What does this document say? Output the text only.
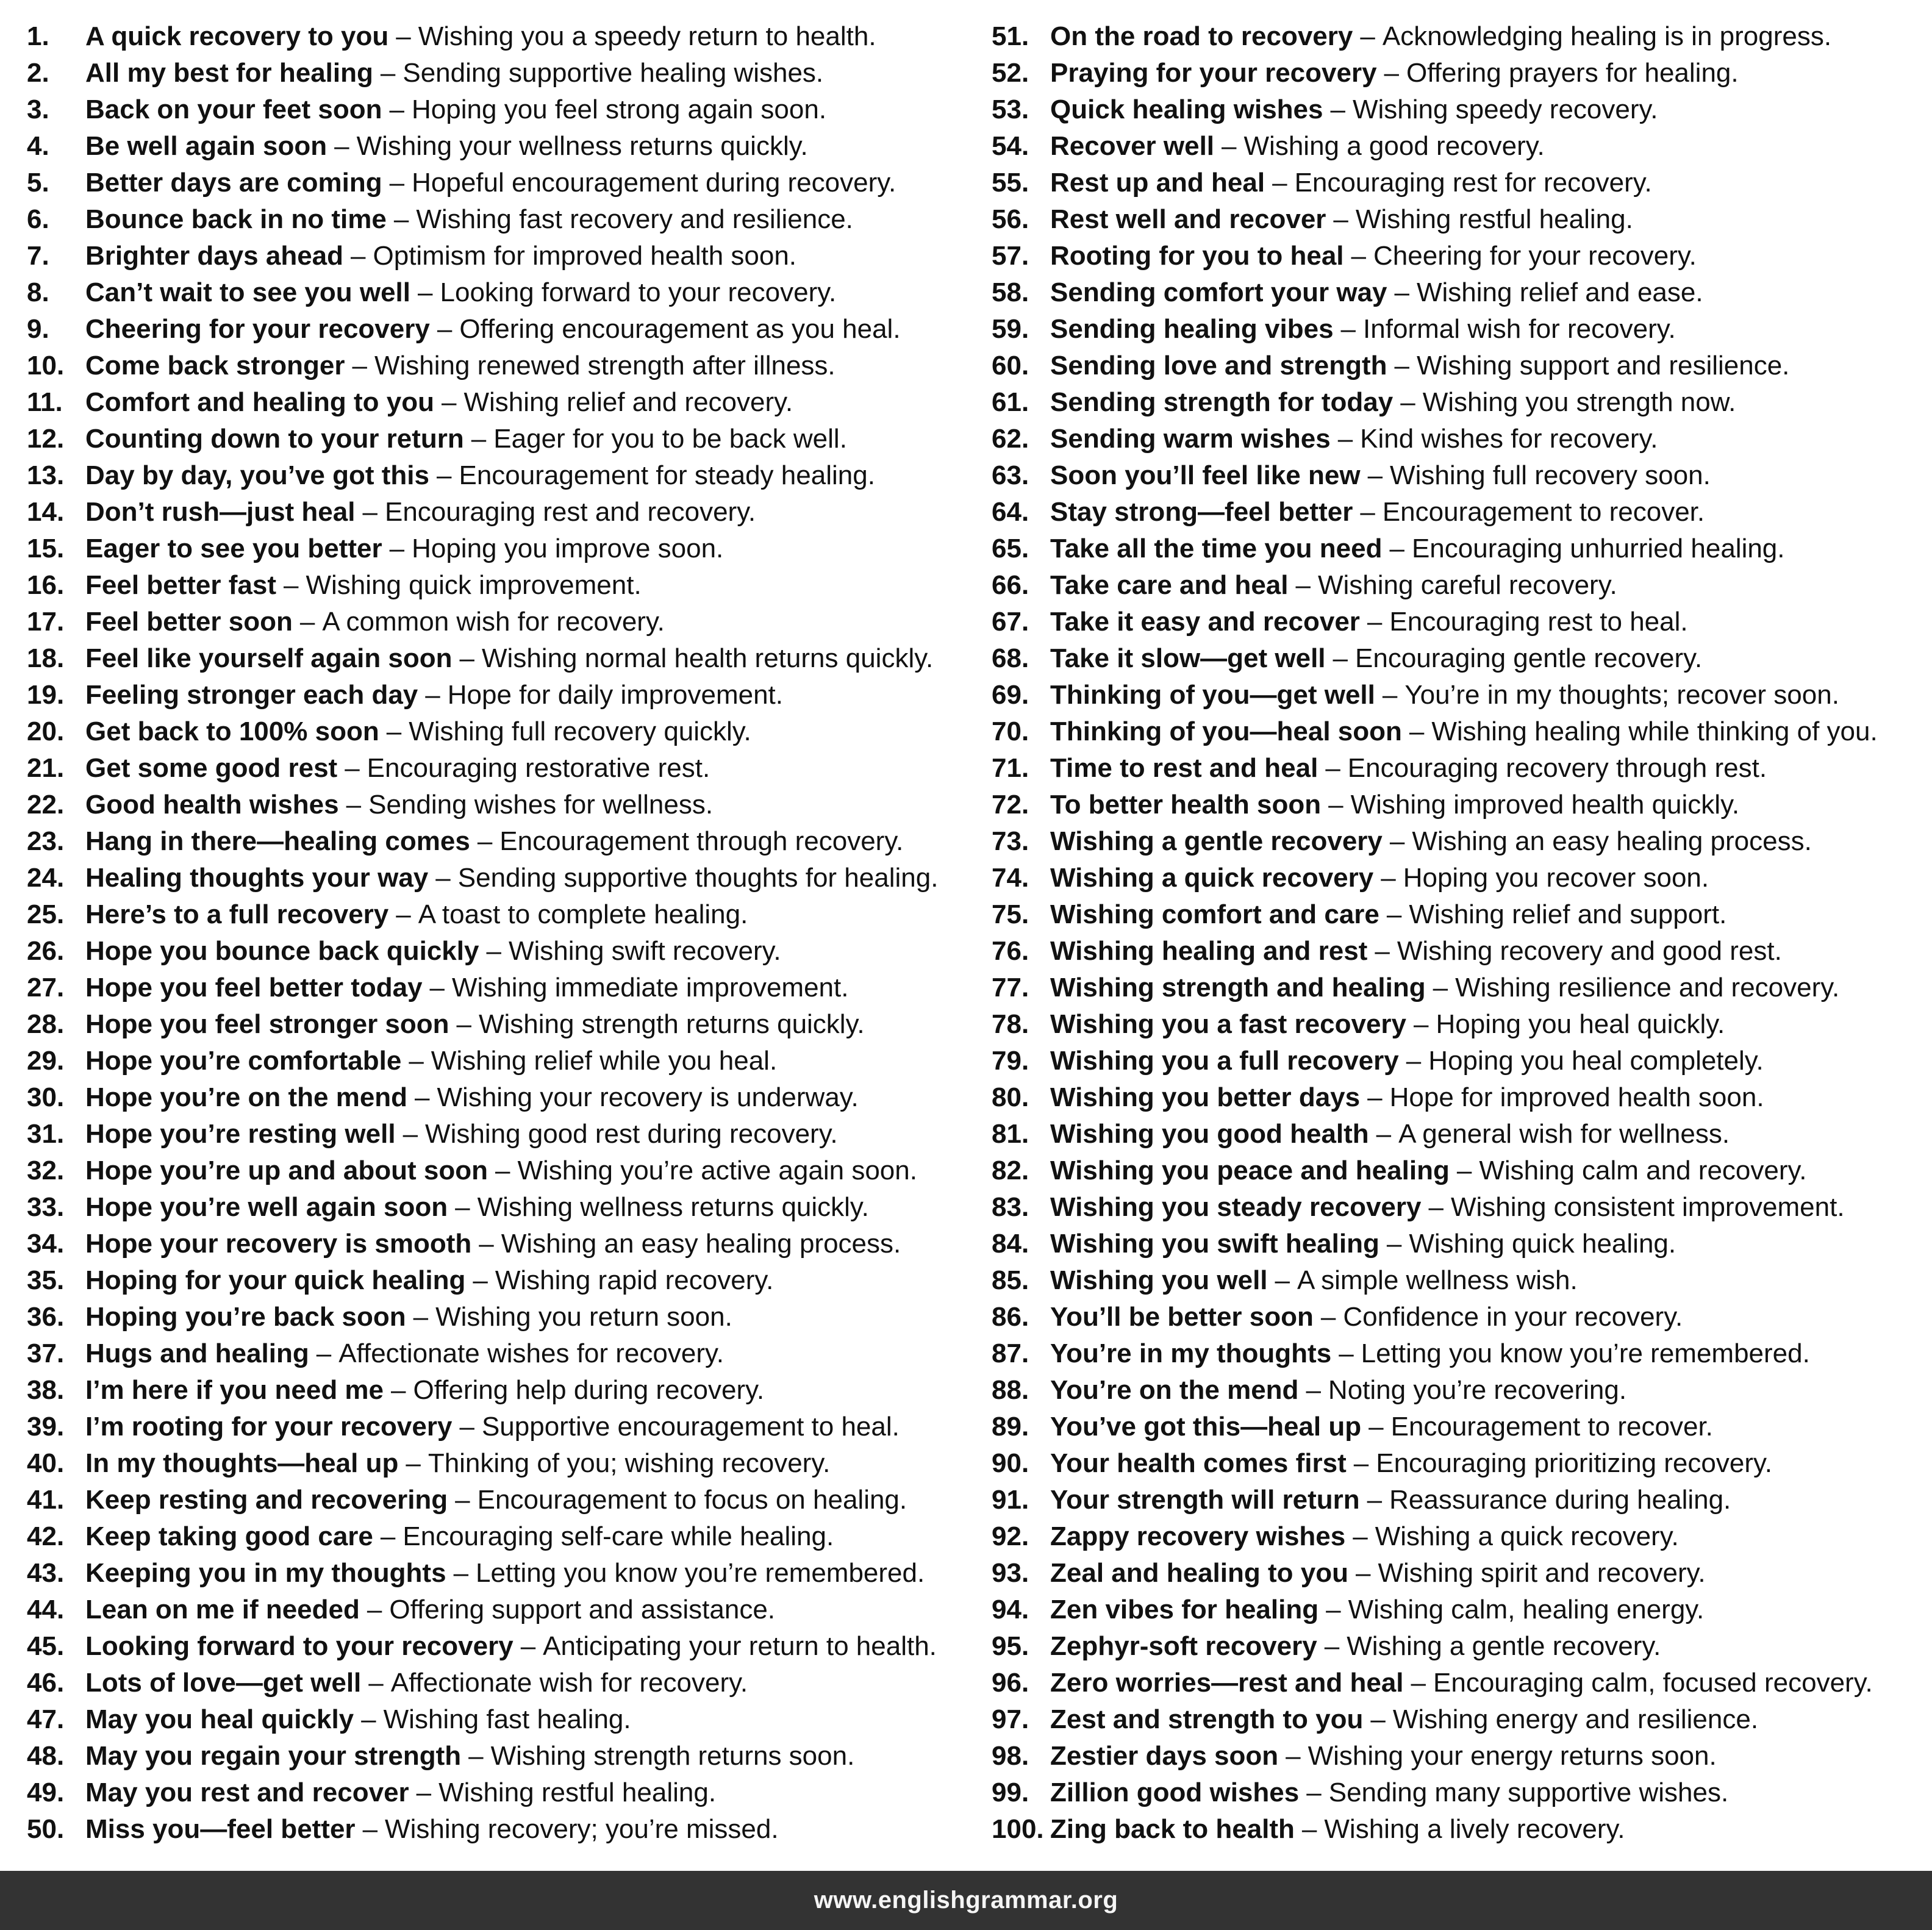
1.	A quick recovery to you – Wishing you a speedy return to health.
2.	All my best for healing – Sending supportive healing wishes.
3.	Back on your feet soon – Hoping you feel strong again soon.
4.	Be well again soon – Wishing your wellness returns quickly.
5.	Better days are coming – Hopeful encouragement during recovery.
6.	Bounce back in no time – Wishing fast recovery and resilience.
7.	Brighter days ahead – Optimism for improved health soon.
8.	Can’t wait to see you well – Looking forward to your recovery.
9.	Cheering for your recovery – Offering encouragement as you heal.
10. Come back stronger – Wishing renewed strength after illness.
11. Comfort and healing to you – Wishing relief and recovery.
12. Counting down to your return – Eager for you to be back well.
13. Day by day, you’ve got this – Encouragement for steady healing.
14. Don’t rush—just heal – Encouraging rest and recovery.
15. Eager to see you better – Hoping you improve soon.
16. Feel better fast – Wishing quick improvement.
17. Feel better soon – A common wish for recovery.
18. Feel like yourself again soon – Wishing normal health returns quickly.
19. Feeling stronger each day – Hope for daily improvement.
20. Get back to 100% soon – Wishing full recovery quickly.
21. Get some good rest – Encouraging restorative rest.
22. Good health wishes – Sending wishes for wellness.
23. Hang in there—healing comes – Encouragement through recovery.
24. Healing thoughts your way – Sending supportive thoughts for healing.
25. Here’s to a full recovery – A toast to complete healing.
26. Hope you bounce back quickly – Wishing swift recovery.
27. Hope you feel better today – Wishing immediate improvement.
28. Hope you feel stronger soon – Wishing strength returns quickly.
29. Hope you’re comfortable – Wishing relief while you heal.
30. Hope you’re on the mend – Wishing your recovery is underway.
31. Hope you’re resting well – Wishing good rest during recovery.
32. Hope you’re up and about soon – Wishing you’re active again soon.
33. Hope you’re well again soon – Wishing wellness returns quickly.
34. Hope your recovery is smooth – Wishing an easy healing process.
35. Hoping for your quick healing – Wishing rapid recovery.
36. Hoping you’re back soon – Wishing you return soon.
37. Hugs and healing – Affectionate wishes for recovery.
38. I’m here if you need me – Offering help during recovery.
39. I’m rooting for your recovery – Supportive encouragement to heal.
40. In my thoughts—heal up – Thinking of you; wishing recovery.
41. Keep resting and recovering – Encouragement to focus on healing.
42. Keep taking good care – Encouraging self-care while healing.
43. Keeping you in my thoughts – Letting you know you’re remembered.
44. Lean on me if needed – Offering support and assistance.
45. Looking forward to your recovery – Anticipating your return to health.
46. Lots of love—get well – Affectionate wish for recovery.
47. May you heal quickly – Wishing fast healing.
48. May you regain your strength – Wishing strength returns soon.
49. May you rest and recover – Wishing restful healing.
50. Miss you—feel better – Wishing recovery; you’re missed.
51. On the road to recovery – Acknowledging healing is in progress.
52. Praying for your recovery – Offering prayers for healing.
53. Quick healing wishes – Wishing speedy recovery.
54. Recover well – Wishing a good recovery.
55. Rest up and heal – Encouraging rest for recovery.
56. Rest well and recover – Wishing restful healing.
57. Rooting for you to heal – Cheering for your recovery.
58. Sending comfort your way – Wishing relief and ease.
59. Sending healing vibes – Informal wish for recovery.
60. Sending love and strength – Wishing support and resilience.
61. Sending strength for today – Wishing you strength now.
62. Sending warm wishes – Kind wishes for recovery.
63. Soon you’ll feel like new – Wishing full recovery soon.
64. Stay strong—feel better – Encouragement to recover.
65. Take all the time you need – Encouraging unhurried healing.
66. Take care and heal – Wishing careful recovery.
67. Take it easy and recover – Encouraging rest to heal.
68. Take it slow—get well – Encouraging gentle recovery.
69. Thinking of you—get well – You’re in my thoughts; recover soon.
70. Thinking of you—heal soon – Wishing healing while thinking of you.
71. Time to rest and heal – Encouraging recovery through rest.
72. To better health soon – Wishing improved health quickly.
73. Wishing a gentle recovery – Wishing an easy healing process.
74. Wishing a quick recovery – Hoping you recover soon.
75. Wishing comfort and care – Wishing relief and support.
76. Wishing healing and rest – Wishing recovery and good rest.
77. Wishing strength and healing – Wishing resilience and recovery.
78. Wishing you a fast recovery – Hoping you heal quickly.
79. Wishing you a full recovery – Hoping you heal completely.
80. Wishing you better days – Hope for improved health soon.
81. Wishing you good health – A general wish for wellness.
82. Wishing you peace and healing – Wishing calm and recovery.
83. Wishing you steady recovery – Wishing consistent improvement.
84. Wishing you swift healing – Wishing quick healing.
85. Wishing you well – A simple wellness wish.
86. You’ll be better soon – Confidence in your recovery.
87. You’re in my thoughts – Letting you know you’re remembered.
88. You’re on the mend – Noting you’re recovering.
89. You’ve got this—heal up – Encouragement to recover.
90. Your health comes first – Encouraging prioritizing recovery.
91. Your strength will return – Reassurance during healing.
92. Zappy recovery wishes – Wishing a quick recovery.
93. Zeal and healing to you – Wishing spirit and recovery.
94. Zen vibes for healing – Wishing calm, healing energy.
95. Zephyr-soft recovery – Wishing a gentle recovery.
96. Zero worries—rest and heal – Encouraging calm, focused recovery.
97. Zest and strength to you – Wishing energy and resilience.
98. Zestier days soon – Wishing your energy returns soon.
99. Zillion good wishes – Sending many supportive wishes.
100. Zing back to health – Wishing a lively recovery.
www.englishgrammar.org
